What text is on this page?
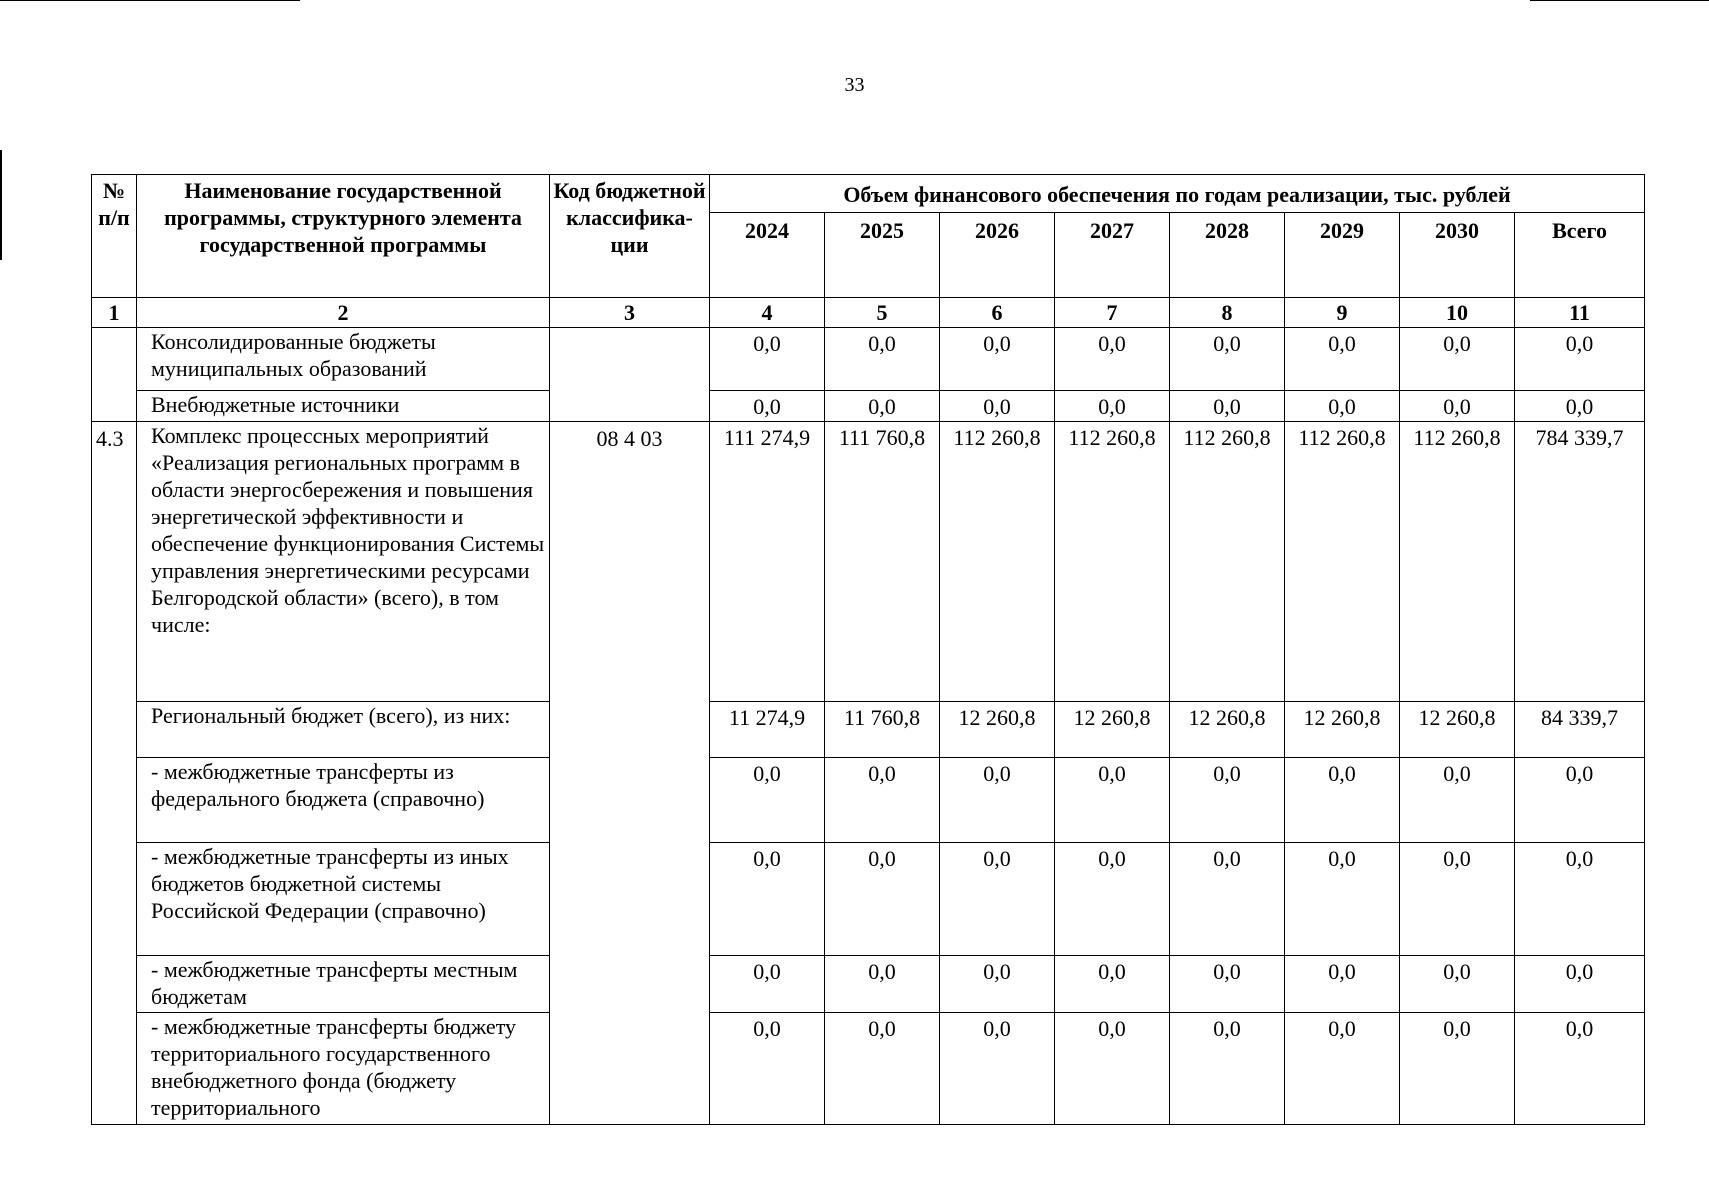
33
№
п/п	Наименование государственной программы, структурного элемента государственной программы	Код бюджетной классифика-ции	Объем финансового обеспечения по годам реализации, тыс. рублей							
			2024	2025	2026	2027	2028	2029	2030	Всего
1	2	3	4	5	6	7	8	9	10	11
	Консолидированные бюджеты муниципальных образований		0,0	0,0	0,0	0,0	0,0	0,0	0,0	0,0
	Внебюджетные источники		0,0	0,0	0,0	0,0	0,0	0,0	0,0	0,0
4.3	Комплекс процессных мероприятий «Реализация региональных программ в области энергосбережения и повышения энергетической эффективности и обеспечение функционирования Системы управления энергетическими ресурсами Белгородской области» (всего), в том числе:	08 4 03	111 274,9	111 760,8	112 260,8	112 260,8	112 260,8	112 260,8	112 260,8	784 339,7
	Региональный бюджет (всего), из них:		11 274,9	11 760,8	12 260,8	12 260,8	12 260,8	12 260,8	12 260,8	84 339,7
	- межбюджетные трансферты из федерального бюджета (справочно)		0,0	0,0	0,0	0,0	0,0	0,0	0,0	0,0
	- межбюджетные трансферты из иных бюджетов бюджетной системы Российской Федерации (справочно)		0,0	0,0	0,0	0,0	0,0	0,0	0,0	0,0
	- межбюджетные трансферты местным бюджетам		0,0	0,0	0,0	0,0	0,0	0,0	0,0	0,0
	- межбюджетные трансферты бюджету территориального государственного внебюджетного фонда (бюджету территориального		0,0	0,0	0,0	0,0	0,0	0,0	0,0	0,0
